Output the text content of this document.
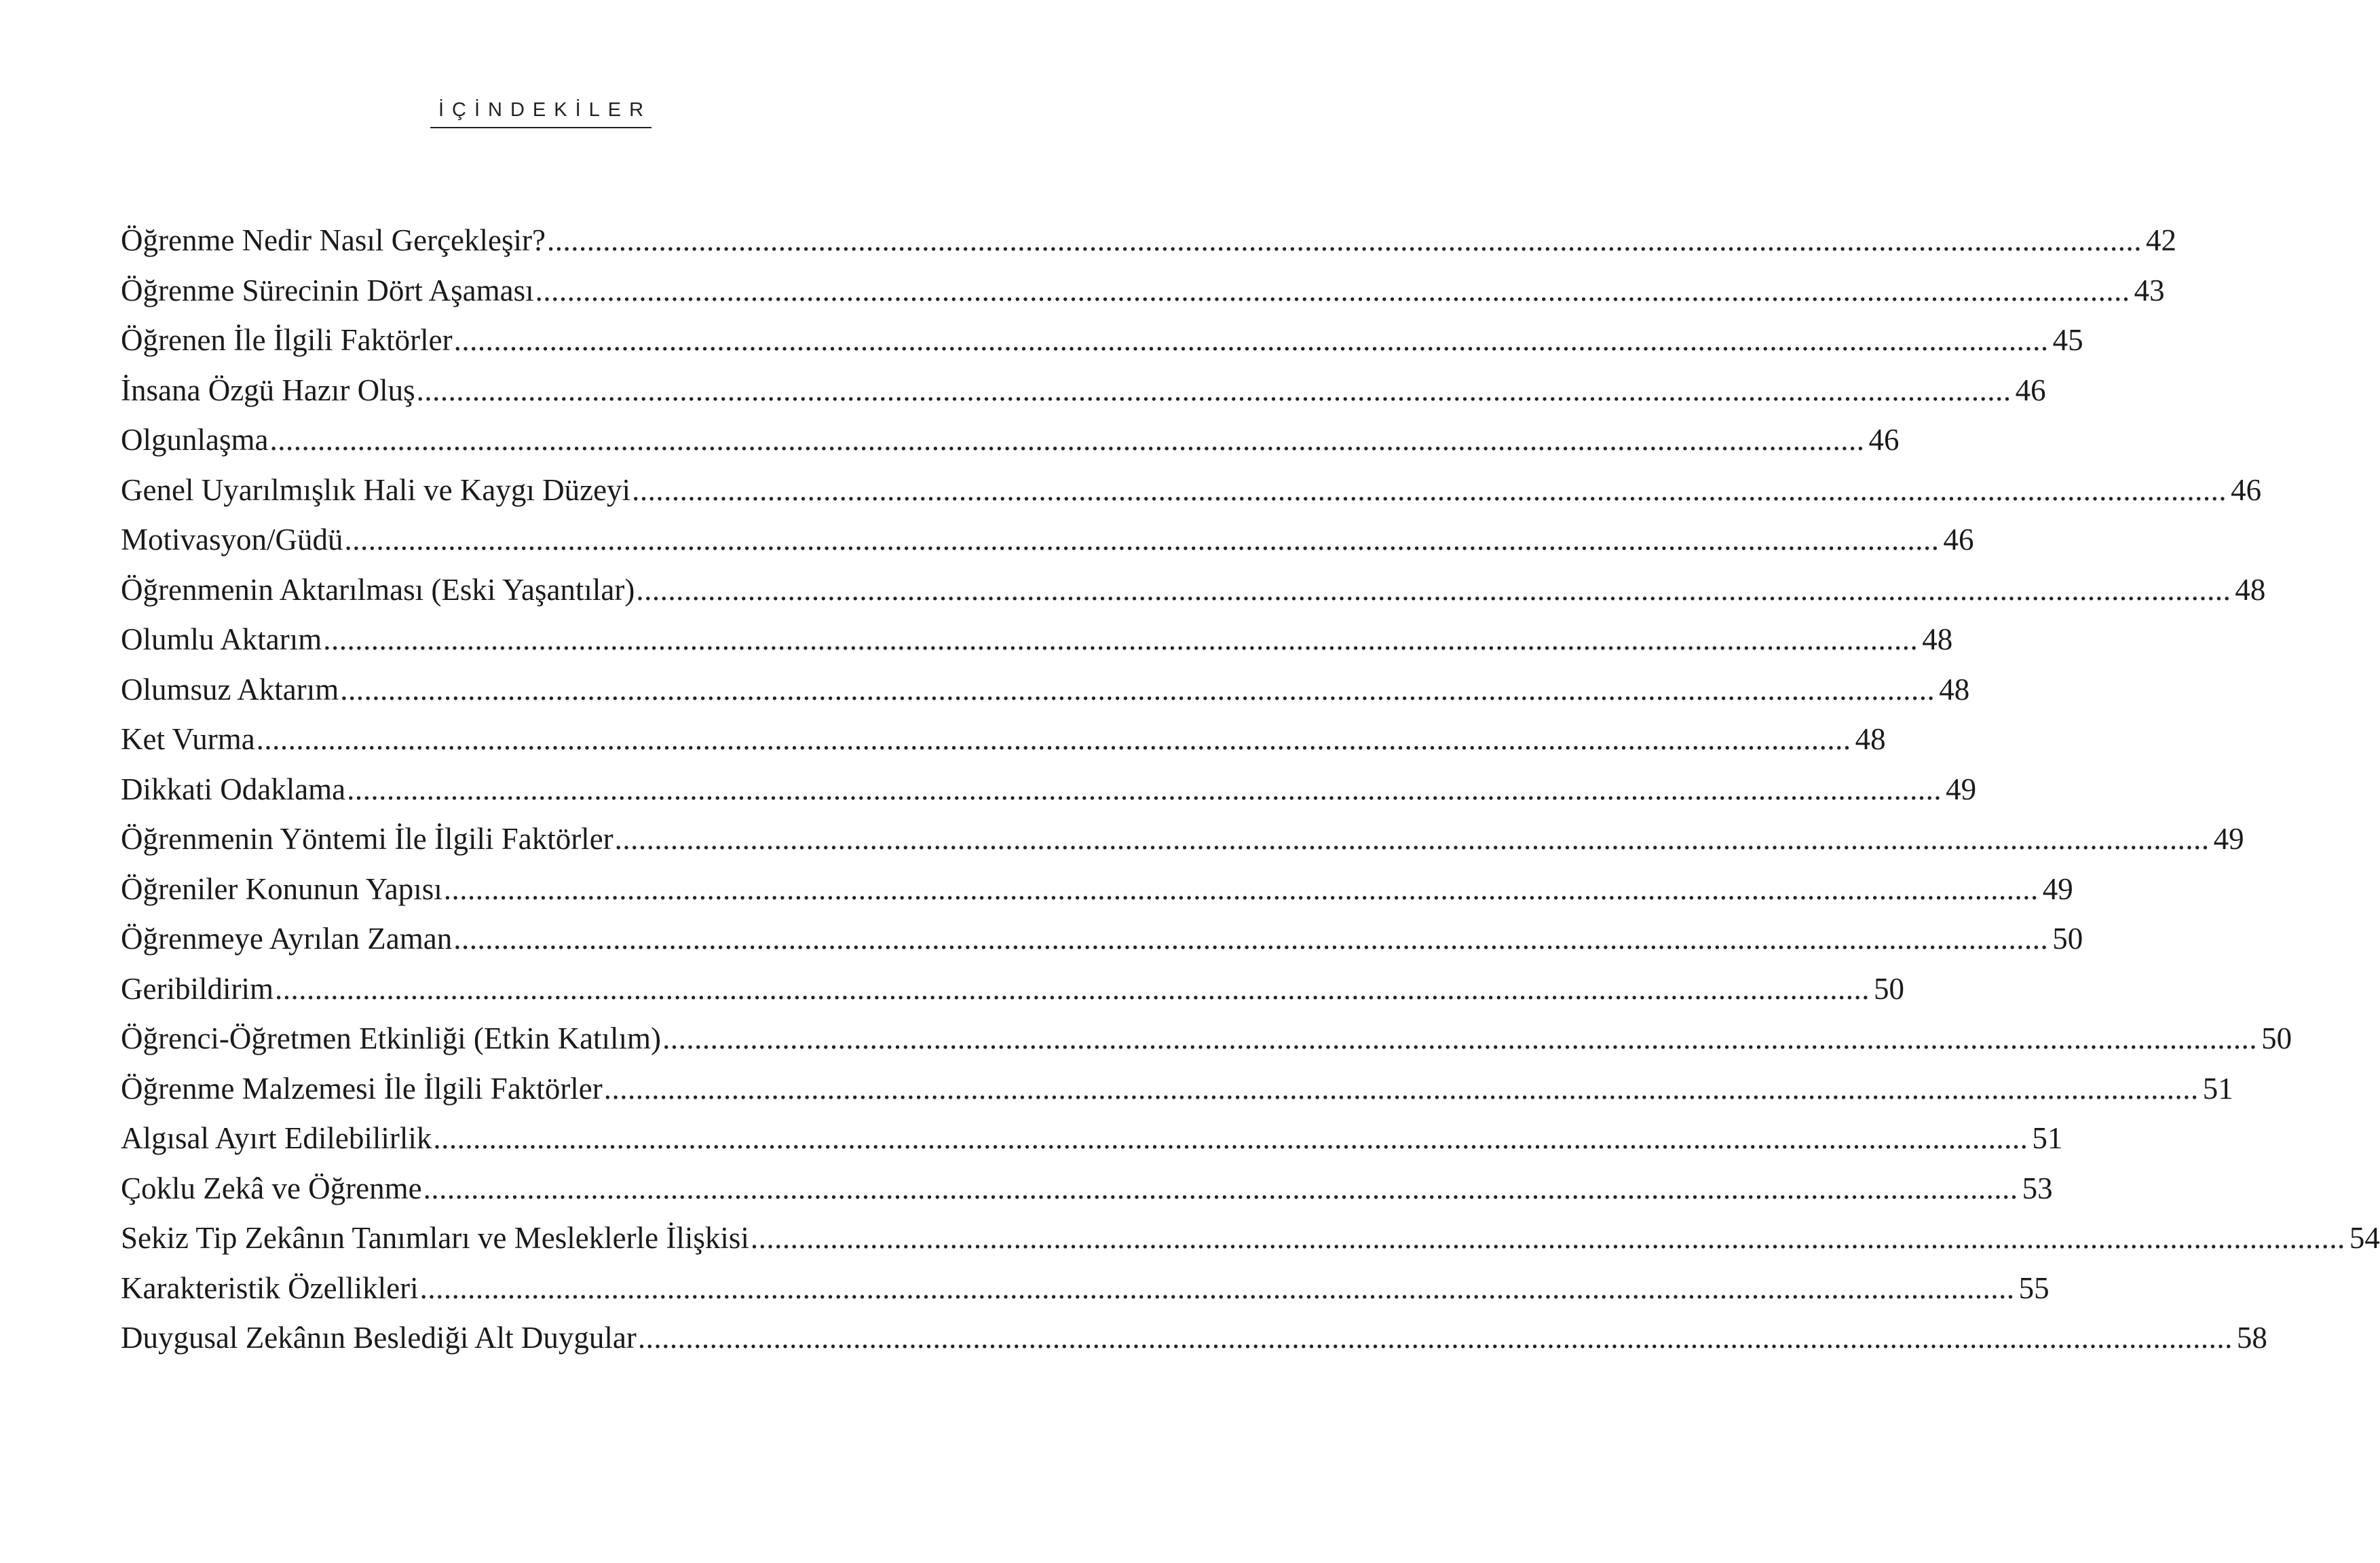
İÇİNDEKİLER
Öğrenme Nedir Nasıl Gerçekleşir? ........................................................................................................................................................................................................ 42
Öğrenme Sürecinin Dört Aşaması ........................................................................................................................................................................................................ 43
Öğrenen İle İlgili Faktörler ........................................................................................................................................................................................................ 45
İnsana Özgü Hazır Oluş ........................................................................................................................................................................................................ 46
Olgunlaşma ........................................................................................................................................................................................................ 46
Genel Uyarılmışlık Hali ve Kaygı Düzeyi ........................................................................................................................................................................................................ 46
Motivasyon/Güdü ........................................................................................................................................................................................................ 46
Öğrenmenin Aktarılması (Eski Yaşantılar) ........................................................................................................................................................................................................ 48
Olumlu Aktarım ........................................................................................................................................................................................................ 48
Olumsuz Aktarım ........................................................................................................................................................................................................ 48
Ket Vurma ........................................................................................................................................................................................................ 48
Dikkati Odaklama ........................................................................................................................................................................................................ 49
Öğrenmenin Yöntemi İle İlgili Faktörler ........................................................................................................................................................................................................ 49
Öğreniler Konunun Yapısı ........................................................................................................................................................................................................ 49
Öğrenmeye Ayrılan Zaman ........................................................................................................................................................................................................ 50
Geribildirim ........................................................................................................................................................................................................ 50
Öğrenci-Öğretmen Etkinliği (Etkin Katılım) ........................................................................................................................................................................................................ 50
Öğrenme Malzemesi İle İlgili Faktörler ........................................................................................................................................................................................................ 51
Algısal Ayırt Edilebilirlik ........................................................................................................................................................................................................ 51
Çoklu Zekâ ve Öğrenme ........................................................................................................................................................................................................ 53
Sekiz Tip Zekânın Tanımları ve Mesleklerle İlişkisi ........................................................................................................................................................................................................ 54
Karakteristik Özellikleri ........................................................................................................................................................................................................ 55
Duygusal Zekânın Beslediği Alt Duygular ........................................................................................................................................................................................................ 58
